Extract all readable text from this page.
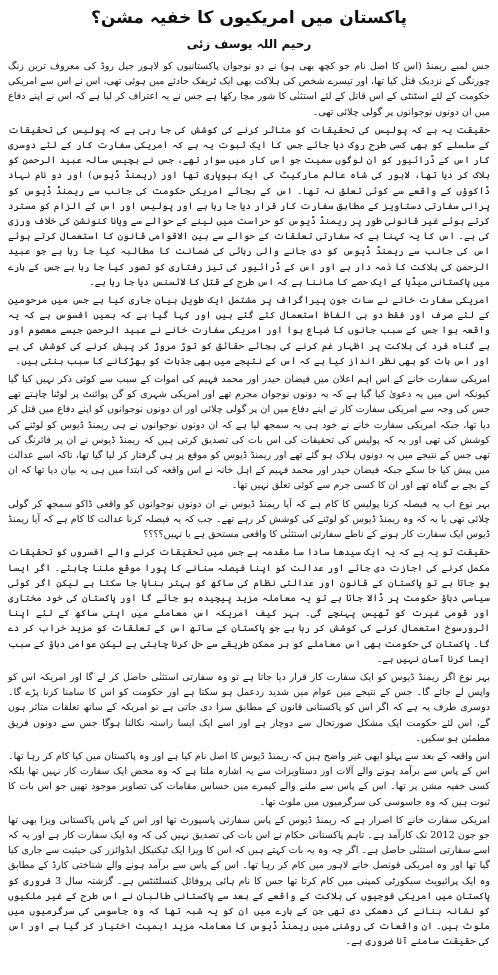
پاکستان میں امریکیوں کا خفیہ مشن؟
رحیم اللہ یوسف زئی

جس لمبے ریمنڈ (اس کا اصل نام جو کچھ بھی ہو) نے دو نوجوان پاکستانیوں کو لاہور جیل روڈ کی معروف ترین زنگ چورنگی کے نزدیک قتل کیا تھا، اور تیسرے شخص کی ہلاکت بھی ایک ٹریفک حادثے میں ہوئی تھی، اس نے اس سے امریکی حکومت کے لئے اسٹنٹی کے اس قاتل کے لئے استثنٰی کا شور مچا رکھا ہے جس نے یہ اعتراف کر لیا ہے کہ اس نے اپنے دفاع میں ان دونوں نوجوانوں پر گولی چلائی تھی۔

حقیقت یہ ہے کہ پولیس کی تحقیقات کو متاثر کرنے کی کوشش کی جا رہی ہے کہ پولیس کی تحقیقات کے سلسلے کو بھی کسی طرح روک دیا جائے جس کا ایک ثبوت یہ ہے کہ امریکی سفارت کار کے لئے دوسری کار اس کے ڈرائیور کو ان لوگوں سمیت جو اس کار میں سوار تھے، جس نے بچیس سالہ عبید الرحمن کو ہلاک کر دیا تھا، لاہور کی شاہ عالم مارکیٹ کی ایک بیوپاری تھا اور (ریمنڈ ڈیوس) اور دو نام نہاد ڈاکوؤں کے واقعے سے کوئی تعلق نہ تھا۔ اس کے بجائے امریکی حکومت کی جانب سے ریمنڈ ڈیوس کو پرانی سفارتی دستاویز کے مطابق سفارت کار قرار دیا جا رہا ہے اور پولیس اور اس کے الزام کو مسترد کرتے ہوئے غیر قانونی طور پر ریمنڈ ڈیوس کو حراست میں لینے کے حوالے سے ویانا کنونشن کی خلاف ورزی کی ہے۔ اس کا یہ کہنا ہے کہ سفارتی تعلقات کے حوالے سے بین الاقوامی قانون کا استعمال کرتے ہوئے اس کی جانب سے ریمنڈ ڈیوس کو دی جانے والی رہائی کی ضمانت کا مطالبہ کیا جا رہا ہے جو عبید الرحمن کی ہلاکت کا ذمہ دار ہے اور اس کے ڈرائیور کی تیز رفتاری کو تصور کیا جا رہا ہے جس کے بارے میں پاکستانی میڈیا کے ایک حصے کا ماننا ہے کہ اس طرح کے قتل کا لائسنس دیا جا رہا ہے۔

امریکی سفارت خانے نے سات جون پیراگراف پر مشتمل ایک طویل بیان جاری کیا ہے جس میں مرحومین کے لئے صرف اور فقط دو ہی الفاظ استعمال کئے گئے ہیں اور کہا گیا ہے کہ ہمیں افسوس ہے کہ یہ واقعہ ہوا جس کے سبب جانوں کا ضیاع ہوا اور امریکی سفارت خانے نے عبید الرحمن جیسے معصوم اور بے گناہ فرد کی ہلاکت پر اظہار غم کرنے کی بجائے حقائق کو توڑ مروڑ کر پیش کرنے کی کوشش کی ہے اور اس بات کو بھی نظر انداز کیا ہے کہ اس کے نتیجے میں بھی جذبات کو بھڑکانے کا سبب بنتی ہیں۔

امریکی سفارت خانے کے اس اہم اعلان میں فیضان حیدر اور محمد فہیم کی اموات کے سبب سے کوئی ذکر نہیں کیا گیا کیونکہ اس میں یہ دعویٰ کیا گیا ہے کہ یہ دونوں نوجوان مجرم تھے اور امریکی شہری کو گن پوائنٹ پر لوٹنا چاہتے تھے جس کی وجہ سے امریکی سفارت کار نے اپنے دفاع میں ان پر گولی چلائی اور ان دونوں نوجوانوں کو اپنے دفاع میں قتل کر دیا تھا، جبکہ امریکی سفارت خانے نے خود ہی یہ سمجھ لیا ہے کہ ان دونوں نوجوانوں نے ہی ریمنڈ ڈیوس کو لوٹنے کی کوشش کی تھی اور یہ کہ پولیس کی تحقیقات کی اس بات کی تصدیق کرتی ہیں کہ ریمنڈ ڈیوس نے ان پر فائرنگ کی تھی جس کے نتیجے میں یہ دونوں ہلاک ہو گئے تھے اور ریمنڈ ڈیوس کو موقع پر ہی گرفتار کر لیا گیا تھا، تاکہ اسے عدالت میں پیش کیا جا سکے جبکہ فیضان حیدر اور محمد فہیم کے اہل خانہ نے اس واقعہ کی ابتدا میں ہی یہ بیان دیا تھا کہ ان کے بچے بے گناہ تھے اور ان کا کسی جرم سے کوئی تعلق نہیں تھا۔

بہر نوع اب یہ فیصلہ کرنا پولیس کا کام ہے کہ آیا ریمنڈ ڈیوس نے ان دونوں نوجوانوں کو واقعی ڈاکو سمجھ کر گولی چلائی تھی یا یہ کہ وہ ریمنڈ ڈیوس کو لوٹنے کی کوشش کر رہے تھے۔ جب کہ یہ فیصلہ کرنا عدالت کا کام ہے کہ آیا ریمنڈ ڈیوس ایک سفارت کار ہونے کے ناطے سفارتی استثنٰی کا واقعی مستحق ہے یا نہیں؟؟؟؟

حقیقت تو یہ ہے کہ یہ ایک سیدھا سادا سا مقدمہ ہے جس میں تحقیقات کرنے والے افسروں کو تحقیقات مکمل کرنے کی اجازت دی جائے اور عدالت کو اپنا فیصلہ سنانے کا پورا موقع ملنا چاہئے۔ اگر ایسا ہو جاتا ہے تو پاکستان کے قانون اور عدالتی نظام کی ساکھ کو بہتر بنایا جا سکتا ہے لیکن اگر کوئی سیاسی دباؤ حکومت پر ڈالا جاتا ہے تو یہ معاملہ مزید پیچیدہ ہو جائے گا اور پاکستان کی خود مختاری اور قومی غیرت کو ٹھیس پہنچے گی۔ بہر کیف امریکہ اس معاملے میں اپنی ساکھ کے لئے اپنا اثرورسوخ استعمال کرنے کی کوشش کر رہا ہے جو پاکستان کے ساتھ اس کے تعلقات کو مزید خراب کر دے گا۔ پاکستان کی حکومت بھی اس معاملے کو ہر ممکن طریقے سے حل کرنا چاہتی ہے لیکن عوامی دباؤ کے سبب ایسا کرنا آسان نہیں ہے۔

بہر نوع اگر ریمنڈ ڈیوس کو ایک سفارت کار قرار دیا جاتا ہے تو وہ سفارتی استثنٰی حاصل کر لے گا اور امریکہ اس کو واپس لے جائے گا۔ جس کے نتیجے میں عوام میں شدید ردعمل ہو سکتا ہے اور حکومت کو اس کا سامنا کرنا پڑے گا۔ دوسری طرف یہ ہے کہ اگر اس کو پاکستانی قانون کے مطابق سزا دی جاتی ہے تو امریکہ کے ساتھ تعلقات متاثر ہوں گے، اس لئے حکومت ایک مشکل صورتحال سے دوچار ہے اور اسے ایک ایسا راستہ نکالنا ہوگا جس سے دونوں فریق مطمئن ہو سکیں۔

اس واقعہ کے بعد سے پہلو ابھی غیر واضح ہیں کہ ریمنڈ ڈیوس کا اصل نام کیا ہے اور وہ پاکستان میں کیا کام کر رہا تھا۔ اس کے پاس سے برآمد ہونے والے آلات اور دستاویزات سے یہ اشارہ ملتا ہے کہ وہ محض ایک سفارت کار نہیں تھا بلکہ کسی خفیہ مشن پر تھا۔ اس کے پاس سے ملنے والے کیمرے میں حساس مقامات کی تصاویر موجود تھیں جو اس بات کا ثبوت ہیں کہ وہ جاسوسی کی سرگرمیوں میں ملوث تھا۔

امریکی سفارت خانے کا اصرار ہے کہ ریمنڈ ڈیوس کے پاس سفارتی پاسپورٹ تھا اور اس کے پاس پاکستانی ویزا بھی تھا جو جون 2012 تک کارآمد ہے۔ تاہم پاکستانی حکام نے اس بات کی تصدیق نہیں کی کہ وہ ایک سفارت کار ہے اور یہ کہ اسے سفارتی استثنٰی حاصل ہے۔ اگر چہ وہ یہ بات کہتے ہیں کہ اس کا ویزا ایک ٹیکنیکل ایڈوائزر کی حیثیت سے جاری کیا گیا تھا اور وہ امریکی قونصل خانے لاہور میں کام کر رہا تھا۔ اس کے پاس سے برآمد ہونے والے شناختی کارڈ کے مطابق وہ ایک پرائیویٹ سیکورٹی کمپنی میں کام کرتا تھا جس کا نام ہائی پروفائل کنسلٹنٹس ہے۔ گزشتہ سال 3 فروری کو پاکستان میں امریکی فوجیوں کی ہلاکت کے واقعے کے بعد سے پاکستانی طالبان نے اس طرح کے غیر ملکیوں کو نشانہ بنانے کی دھمکی دی تھی جن کے بارے میں ان کو یہ شبہ تھا کہ وہ جاسوسی کی سرگرمیوں میں ملوث ہیں۔ ان واقعات کی روشنی میں ریمنڈ ڈیوس کا معاملہ مزید اہمیت اختیار کر گیا ہے اور اس کی حقیقت سامنے آنا ضروری ہے۔
